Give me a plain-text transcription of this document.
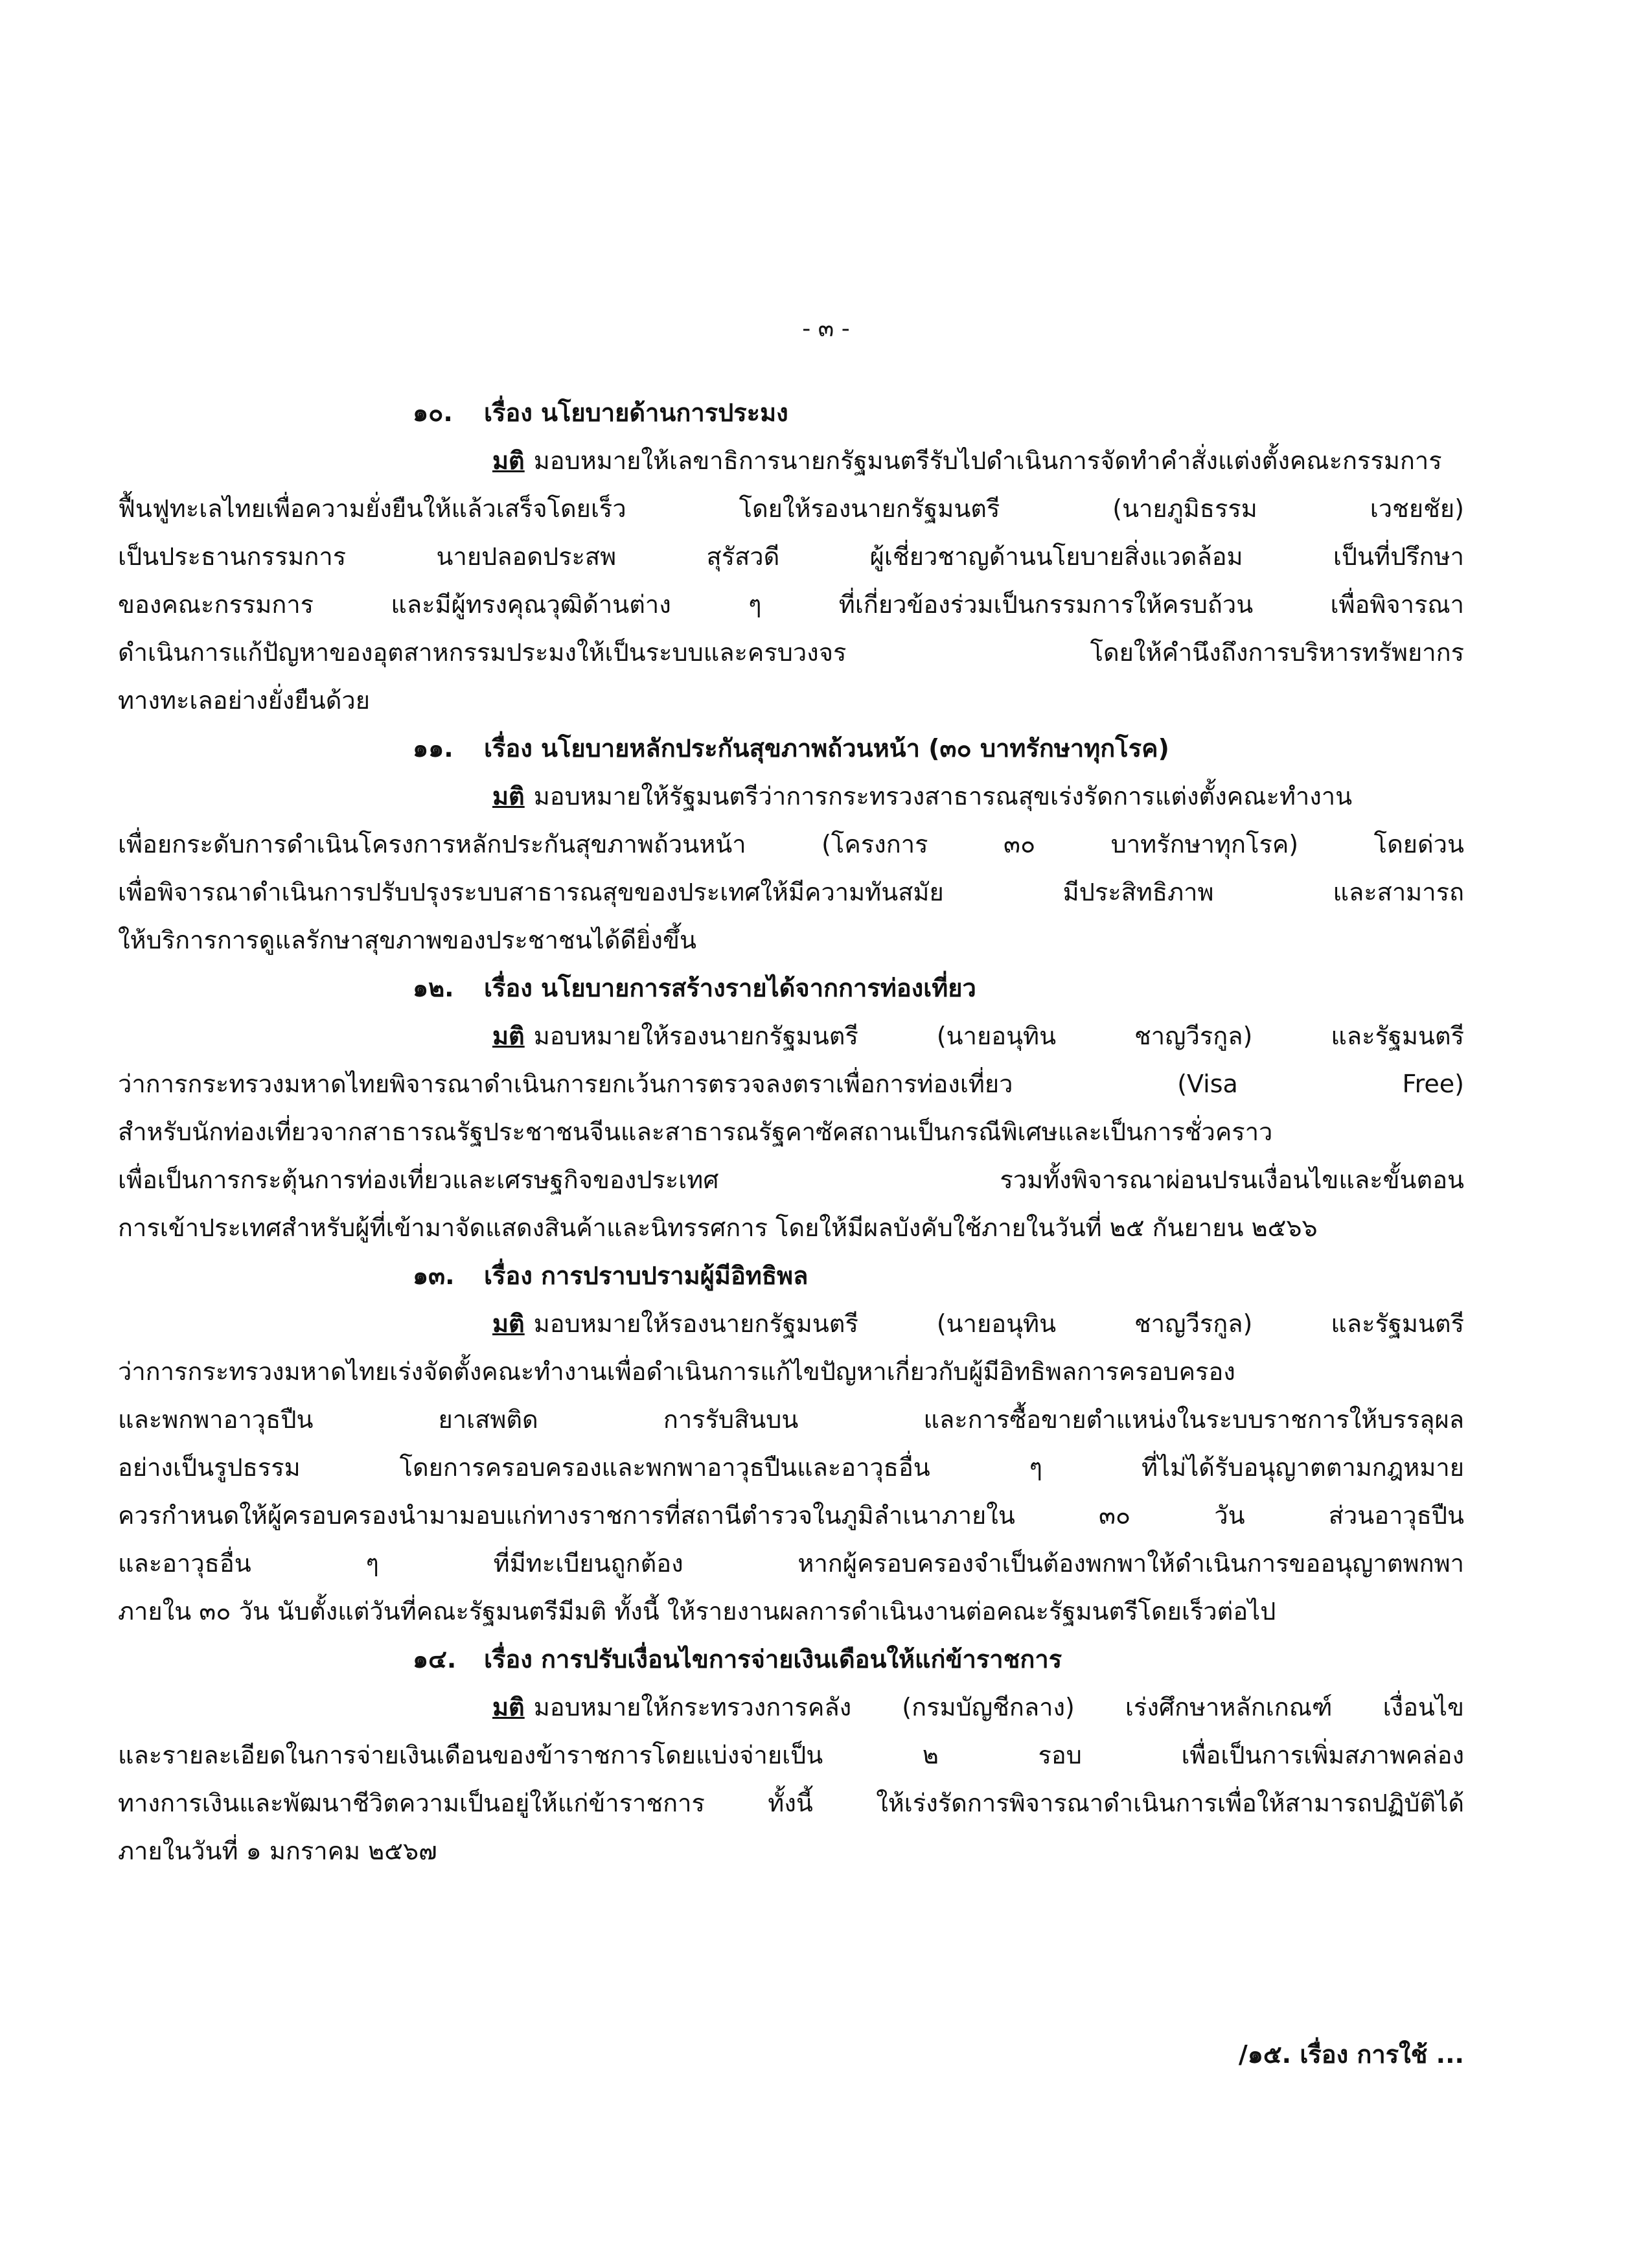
- ๓ -
๑๐. เรื่อง นโยบายด้านการประมง
มติ มอบหมายให้เลขาธิการนายกรัฐมนตรีรับไปดำเนินการจัดทำคำสั่งแต่งตั้งคณะกรรมการ
ฟื้นฟูทะเลไทยเพื่อความยั่งยืนให้แล้วเสร็จโดยเร็ว โดยให้รองนายกรัฐมนตรี (นายภูมิธรรม เวชยชัย)
เป็นประธานกรรมการ นายปลอดประสพ สุรัสวดี ผู้เชี่ยวชาญด้านนโยบายสิ่งแวดล้อม เป็นที่ปรึกษา
ของคณะกรรมการ และมีผู้ทรงคุณวุฒิด้านต่าง ๆ ที่เกี่ยวข้องร่วมเป็นกรรมการให้ครบถ้วน เพื่อพิจารณา
ดำเนินการแก้ปัญหาของอุตสาหกรรมประมงให้เป็นระบบและครบวงจร โดยให้คำนึงถึงการบริหารทรัพยากร
ทางทะเลอย่างยั่งยืนด้วย
๑๑. เรื่อง นโยบายหลักประกันสุขภาพถ้วนหน้า (๓๐ บาทรักษาทุกโรค)
มติ มอบหมายให้รัฐมนตรีว่าการกระทรวงสาธารณสุขเร่งรัดการแต่งตั้งคณะทำงาน
เพื่อยกระดับการดำเนินโครงการหลักประกันสุขภาพถ้วนหน้า (โครงการ ๓๐ บาทรักษาทุกโรค) โดยด่วน
เพื่อพิจารณาดำเนินการปรับปรุงระบบสาธารณสุขของประเทศให้มีความทันสมัย มีประสิทธิภาพ และสามารถ
ให้บริการการดูแลรักษาสุขภาพของประชาชนได้ดียิ่งขึ้น
๑๒. เรื่อง นโยบายการสร้างรายได้จากการท่องเที่ยว
มติ มอบหมายให้รองนายกรัฐมนตรี (นายอนุทิน ชาญวีรกูล) และรัฐมนตรี
ว่าการกระทรวงมหาดไทยพิจารณาดำเนินการยกเว้นการตรวจลงตราเพื่อการท่องเที่ยว (Visa Free)
สำหรับนักท่องเที่ยวจากสาธารณรัฐประชาชนจีนและสาธารณรัฐคาซัคสถานเป็นกรณีพิเศษและเป็นการชั่วคราว
เพื่อเป็นการกระตุ้นการท่องเที่ยวและเศรษฐกิจของประเทศ รวมทั้งพิจารณาผ่อนปรนเงื่อนไขและขั้นตอน
การเข้าประเทศสำหรับผู้ที่เข้ามาจัดแสดงสินค้าและนิทรรศการ โดยให้มีผลบังคับใช้ภายในวันที่ ๒๕ กันยายน ๒๕๖๖
๑๓. เรื่อง การปราบปรามผู้มีอิทธิพล
มติ มอบหมายให้รองนายกรัฐมนตรี (นายอนุทิน ชาญวีรกูล) และรัฐมนตรี
ว่าการกระทรวงมหาดไทยเร่งจัดตั้งคณะทำงานเพื่อดำเนินการแก้ไขปัญหาเกี่ยวกับผู้มีอิทธิพลการครอบครอง
และพกพาอาวุธปืน ยาเสพติด การรับสินบน และการซื้อขายตำแหน่งในระบบราชการให้บรรลุผล
อย่างเป็นรูปธรรม โดยการครอบครองและพกพาอาวุธปืนและอาวุธอื่น ๆ ที่ไม่ได้รับอนุญาตตามกฎหมาย
ควรกำหนดให้ผู้ครอบครองนำมามอบแก่ทางราชการที่สถานีตำรวจในภูมิลำเนาภายใน ๓๐ วัน ส่วนอาวุธปืน
และอาวุธอื่น ๆ ที่มีทะเบียนถูกต้อง หากผู้ครอบครองจำเป็นต้องพกพาให้ดำเนินการขออนุญาตพกพา
ภายใน ๓๐ วัน นับตั้งแต่วันที่คณะรัฐมนตรีมีมติ ทั้งนี้ ให้รายงานผลการดำเนินงานต่อคณะรัฐมนตรีโดยเร็วต่อไป
๑๔. เรื่อง การปรับเงื่อนไขการจ่ายเงินเดือนให้แก่ข้าราชการ
มติ มอบหมายให้กระทรวงการคลัง (กรมบัญชีกลาง) เร่งศึกษาหลักเกณฑ์ เงื่อนไข
และรายละเอียดในการจ่ายเงินเดือนของข้าราชการโดยแบ่งจ่ายเป็น ๒ รอบ เพื่อเป็นการเพิ่มสภาพคล่อง
ทางการเงินและพัฒนาชีวิตความเป็นอยู่ให้แก่ข้าราชการ ทั้งนี้ ให้เร่งรัดการพิจารณาดำเนินการเพื่อให้สามารถปฏิบัติได้
ภายในวันที่ ๑ มกราคม ๒๕๖๗
/๑๕. เรื่อง การใช้ ...
